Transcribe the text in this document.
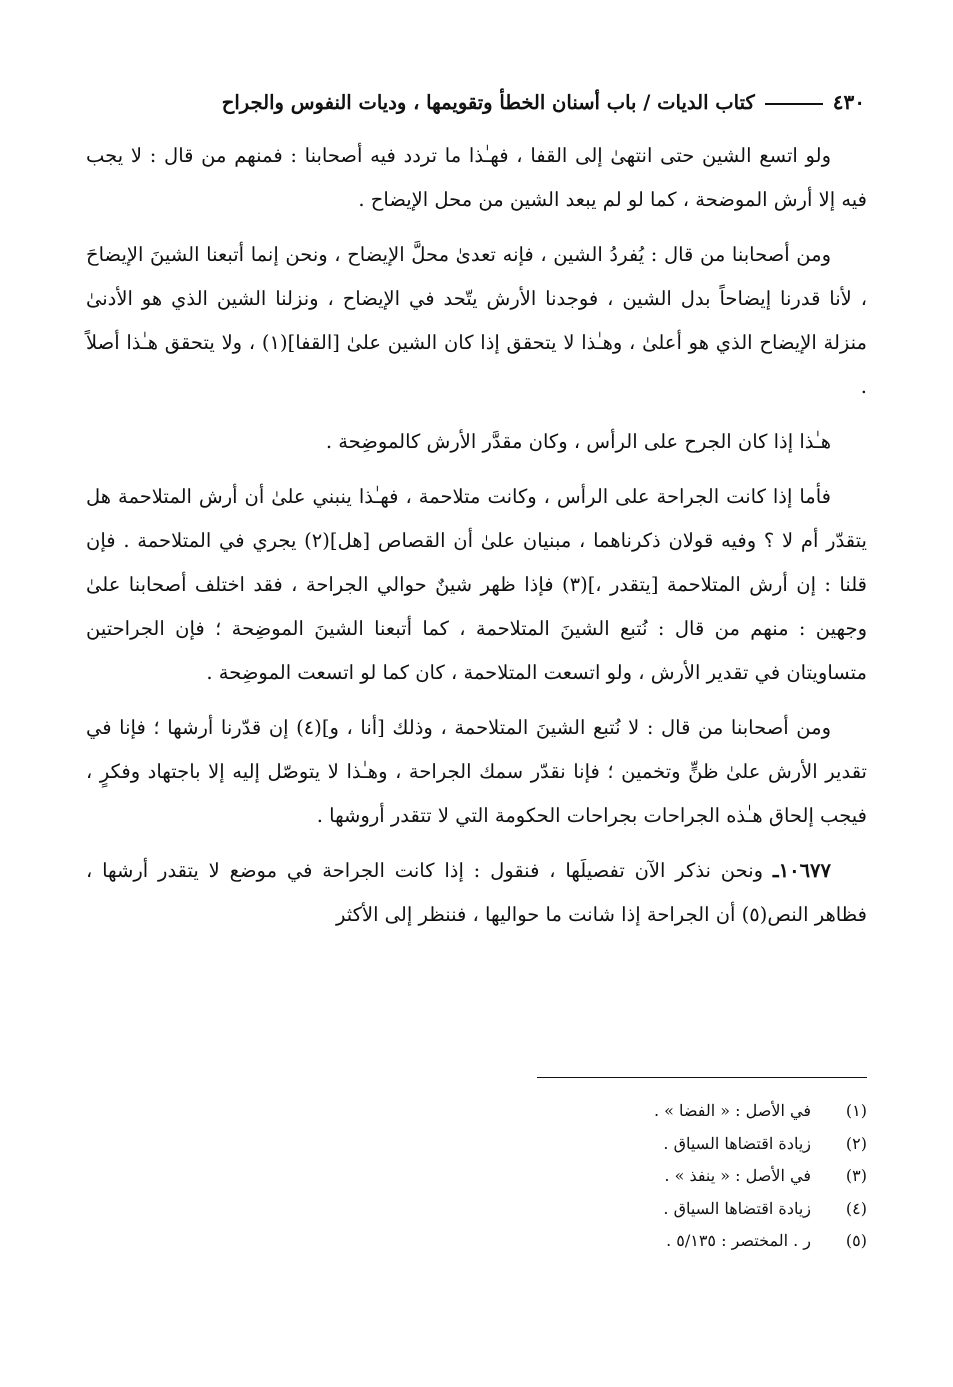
٤٣٠
كتاب الديات / باب أسنان الخطأ وتقويمها ، وديات النفوس والجراح

ولو اتسع الشين حتى انتهىٰ إلى القفا ، فهـٰذا ما تردد فيه أصحابنا : فمنهم من قال : لا يجب فيه إلا أرش الموضحة ، كما لو لم يبعد الشين من محل الإيضاح .

ومن أصحابنا من قال : يُفردُ الشين ، فإنه تعدىٰ محلَّ الإيضاح ، ونحن إنما أتبعنا الشينَ الإيضاحَ ، لأنا قدرنا إيضاحاً بدل الشين ، فوجدنا الأرش يتّحد في الإيضاح ، ونزلنا الشين الذي هو الأدنىٰ منزلة الإيضاح الذي هو أعلىٰ ، وهـٰذا لا يتحقق إذا كان الشين علىٰ [القفا](١) ، ولا يتحقق هـٰذا أصلاً .

هـٰذا إذا كان الجرح على الرأس ، وكان مقدَّر الأرش كالموضِحة .

فأما إذا كانت الجراحة على الرأس ، وكانت متلاحمة ، فهـٰذا ينبني علىٰ أن أرش المتلاحمة هل يتقدّر أم لا ؟ وفيه قولان ذكرناهما ، مبنيان علىٰ أن القصاص [هل](٢) يجري في المتلاحمة . فإن قلنا : إن أرش المتلاحمة [يتقدر ،](٣) فإذا ظهر شينٌ حوالي الجراحة ، فقد اختلف أصحابنا علىٰ وجهين : منهم من قال : نُتبع الشينَ المتلاحمة ، كما أتبعنا الشينَ الموضِحة ؛ فإن الجراحتين متساويتان في تقدير الأرش ، ولو اتسعت المتلاحمة ، كان كما لو اتسعت الموضِحة .

ومن أصحابنا من قال : لا نُتبع الشينَ المتلاحمة ، وذلك [أنا ، و](٤) إن قدّرنا أرشها ؛ فإنا في تقدير الأرش علىٰ ظنٍّ وتخمين ؛ فإنا نقدّر سمك الجراحة ، وهـٰذا لا يتوصّل إليه إلا باجتهاد وفكرٍ ، فيجب إلحاق هـٰذه الجراحات بجراحات الحكومة التي لا تتقدر أروشها .

١٠٦٧٧ـ ونحن نذكر الآن تفصيلَها ، فنقول : إذا كانت الجراحة في موضع لا يتقدر أرشها ، فظاهر النص(٥) أن الجراحة إذا شانت ما حواليها ، فننظر إلى الأكثر

(١)
في الأصل : « الفضا » .
(٢)
زيادة اقتضاها السياق .
(٣)
في الأصل : « ينفذ » .
(٤)
زيادة اقتضاها السياق .
(٥)
ر . المختصر : ٥/١٣٥ .
